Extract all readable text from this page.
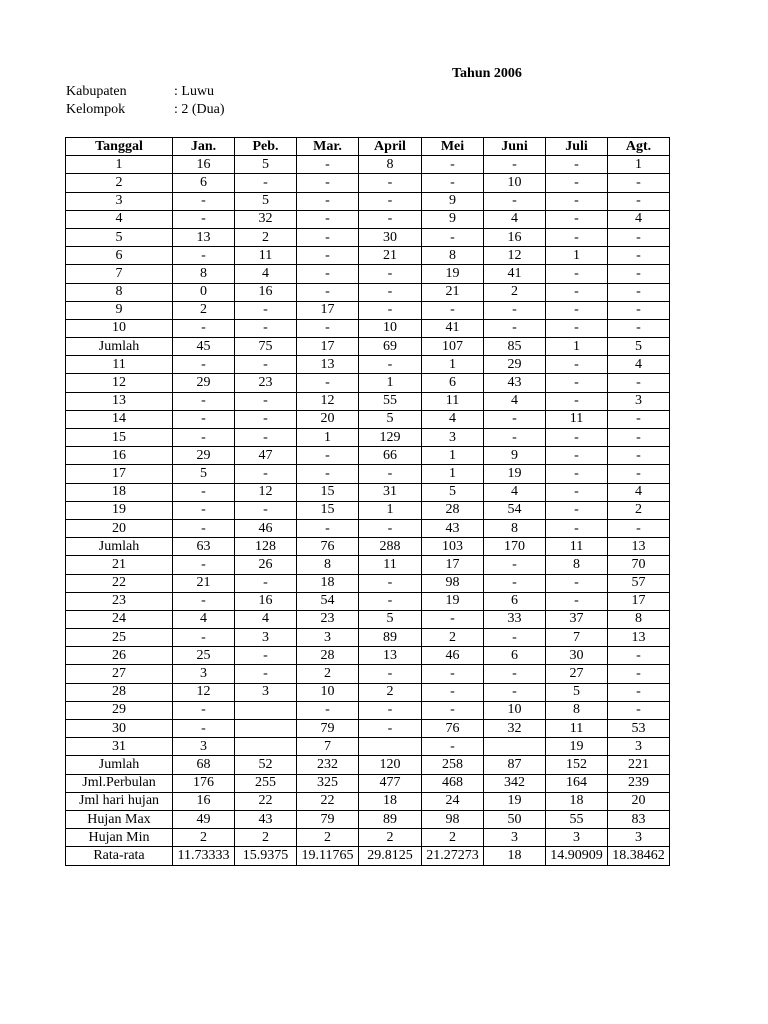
Tahun 2006
Kabupaten	: Luwu
Kelompok	: 2 (Dua)
Tanggal	Jan.	Peb.	Mar.	April	Mei	Juni	Juli	Agt.
1	16	5	-	8	-	-	-	1
2	6	-	-	-	-	10	-	-
3	-	5	-	-	9	-	-	-
4	-	32	-	-	9	4	-	4
5	13	2	-	30	-	16	-	-
6	-	11	-	21	8	12	1	-
7	8	4	-	-	19	41	-	-
8	0	16	-	-	21	2	-	-
9	2	-	17	-	-	-	-	-
10	-	-	-	10	41	-	-	-
Jumlah	45	75	17	69	107	85	1	5
11	-	-	13	-	1	29	-	4
12	29	23	-	1	6	43	-	-
13	-	-	12	55	11	4	-	3
14	-	-	20	5	4	-	11	-
15	-	-	1	129	3	-	-	-
16	29	47	-	66	1	9	-	-
17	5	-	-	-	1	19	-	-
18	-	12	15	31	5	4	-	4
19	-	-	15	1	28	54	-	2
20	-	46	-	-	43	8	-	-
Jumlah	63	128	76	288	103	170	11	13
21	-	26	8	11	17	-	8	70
22	21	-	18	-	98	-	-	57
23	-	16	54	-	19	6	-	17
24	4	4	23	5	-	33	37	8
25	-	3	3	89	2	-	7	13
26	25	-	28	13	46	6	30	-
27	3	-	2	-	-	-	27	-
28	12	3	10	2	-	-	5	-
29	-		-	-	-	10	8	-
30	-		79	-	76	32	11	53
31	3		7		-		19	3
Jumlah	68	52	232	120	258	87	152	221
Jml.Perbulan	176	255	325	477	468	342	164	239
Jml hari hujan	16	22	22	18	24	19	18	20
Hujan Max	49	43	79	89	98	50	55	83
Hujan Min	2	2	2	2	2	3	3	3
Rata-rata	11.73333	15.9375	19.11765	29.8125	21.27273	18	14.90909	18.38462
